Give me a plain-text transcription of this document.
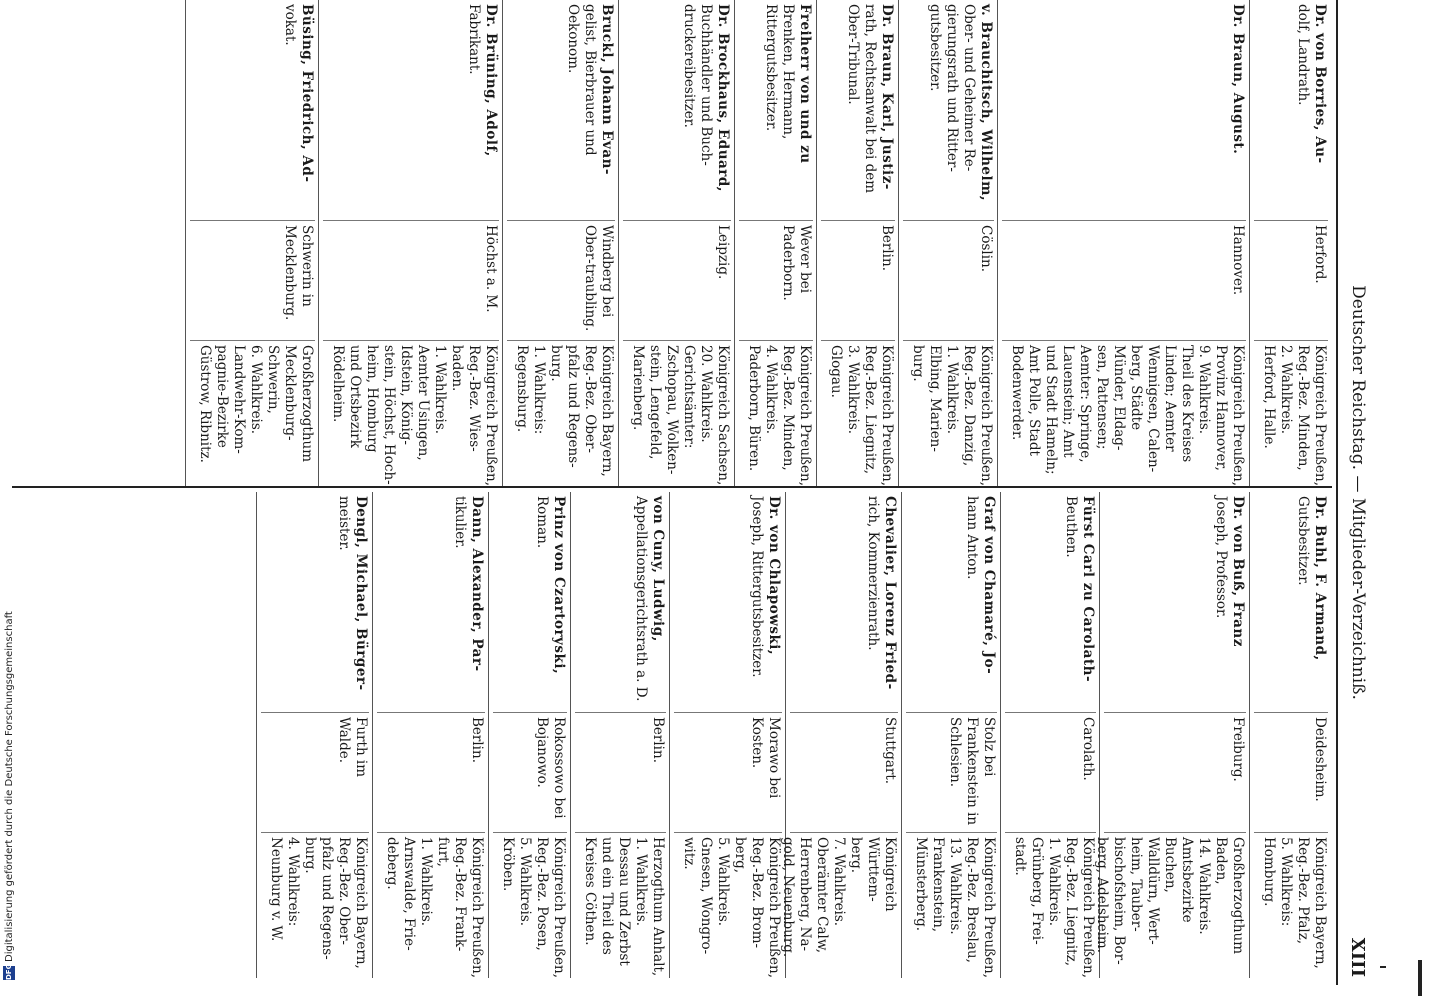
Deutscher Reichstag. — Mitglieder-Verzeichniß.
XIII
Dr. von Borries, Au-
dolf, Landrath.
Herford.
Königreich Preußen,
Reg.-Bez. Minden,
2. Wahlkreis.
Herford, Halle.
Dr. Braun, August.
Hannover.
Königreich Preußen,
Provinz Hannover,
9. Wahlkreis.
Theil des Kreises
Linden; Aemter
Wennigsen, Calen-
berg, Städte
Münder, Eldag-
sen, Pattensen;
Aemter: Springe,
Lauenstein; Amt
und Stadt Hameln;
Amt Polle, Stadt
Bodenwerder.
v. Brauchitsch, Wilhelm,
Ober- und Geheimer Re-gierungsrath und Ritter-gutsbesitzer.
Cöslin.
Königreich Preußen,
Reg.-Bez. Danzig,
1. Wahlkreis.
Elbing, Marien-
burg.
Dr. Braun, Karl, Justiz-
rath, Rechtsanwalt bei dem Ober-Tribunal.
Berlin.
Königreich Preußen,
Reg.-Bez. Liegnitz,
3. Wahlkreis.
Glogau.
Freiherr von und zu
Brenken, Hermann, Rittergutsbesitzer.
Wever bei Paderborn.
Königreich Preußen,
Reg.-Bez. Minden,
4. Wahlkreis.
Paderborn, Büren.
Dr. Brockhaus, Eduard,
Buchhändler und Buch-druckereibesitzer.
Leipzig.
Königreich Sachsen,
20. Wahlkreis.
Gerichtsämter:
Zschopau, Wolken-
stein, Lengefeld,
Marienberg.
Bruckl, Johann Evan-
gelist, Bierbrauer und Oekonom.
Windberg bei Ober-traubling.
Königreich Bayern,
Reg.-Bez. Ober-
pfalz und Regens-
burg.
1. Wahlkreis:
Regensburg.
Dr. Brüning, Adolf,
Fabrikant.
Höchst a. M.
Königreich Preußen,
Reg.-Bez. Wies-
baden.
1. Wahlkreis.
Aemter Usingen,
Idstein, König-
stein, Höchst, Hoch-
heim, Homburg
und Ortsbezirk
Rödelheim.
Büsing, Friedrich, Ad-
vokat.
Schwerin in Mecklenburg.
Großherzogthum
Mecklenburg-
Schwerin,
6. Wahlkreis.
Landwehr-Kom-
pagnie-Bezirke
Güstrow, Ribnitz.
Dr. Buhl, F. Armand,
Gutsbesitzer.
Deidesheim.
Königreich Bayern,
Reg.-Bez. Pfalz,
5. Wahlkreis:
Homburg.
Dr. von Buß, Franz
Joseph, Professor.
Freiburg.
Großherzogthum
Baden,
14. Wahlkreis.
Amtsbezirke Buchen,
Walldürn, Wert-
heim, Tauber-
bischofsheim, Bor-
berg, Adelsheim.
Fürst Carl zu Carolath-
Beuthen.
Carolath.
Königreich Preußen,
Reg.-Bez. Liegnitz,
1. Wahlkreis.
Grünberg, Frei-
stadt.
Graf von Chamaré, Jo-
hann Anton.
Stolz bei Frankenstein in Schlesien.
Königreich Preußen,
Reg.-Bez. Breslau,
13. Wahlkreis.
Frankenstein,
Münsterberg.
Chevalier, Lorenz Fried-
rich, Kommerzienrath.
Stuttgart.
Königreich Württem-
berg.
7. Wahlkreis.
Oberämter Calw,
Herrenberg, Na-
gold, Neuenburg.
Dr. von Chlapowski,
Joseph, Rittergutsbesitzer.
Morawo bei Kosten.
Königreich Preußen,
Reg.-Bez. Brom-
berg,
5. Wahlkreis.
Gnesen, Wongro-
witz.
von Cuny, Ludwig,
Appellationsgerichtsrath a. D.
Berlin.
Herzogthum Anhalt,
1. Wahlkreis.
Dessau und Zerbst
und ein Theil des
Kreises Cöthen.
Prinz von Czartoryski,
Roman.
Rokossowo bei Bojanowo.
Königreich Preußen,
Reg.-Bez. Posen,
5. Wahlkreis.
Kröben.
Dann, Alexander, Par-
tikulier.
Berlin.
Königreich Preußen,
Reg.-Bez. Frank-
furt,
1. Wahlkreis.
Arnswalde, Frie-
deberg.
Dengl, Michael, Bürger-
meister.
Furth im Walde.
Königreich Bayern,
Reg.-Bez. Ober-
pfalz und Regens-
burg.
4. Wahlkreis:
Neunburg v. W.
DFG
Digitalisierung gefördert durch die Deutsche Forschungsgemeinschaft
